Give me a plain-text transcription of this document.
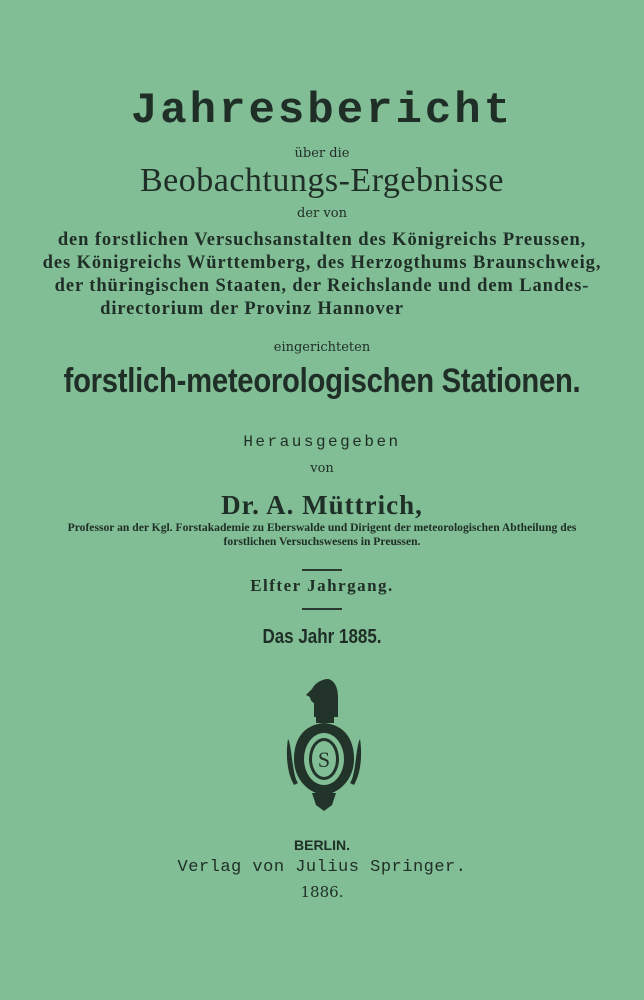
Jahresbericht
über die
Beobachtungs-Ergebnisse
der von
den forstlichen Versuchsanstalten des Königreichs Preussen,
des Königreichs Württemberg, des Herzogthums Braunschweig,
der thüringischen Staaten, der Reichslande und dem Landes-
directorium der Provinz Hannover
eingerichteten
forstlich-meteorologischen Stationen.
Herausgegeben
von
Dr. A. Müttrich,
Professor an der Kgl. Forstakademie zu Eberswalde und Dirigent der meteorologischen Abtheilung des
forstlichen Versuchswesens in Preussen.
Elfter Jahrgang.
Das Jahr 1885.
S
BERLIN.
Verlag von Julius Springer.
1886.
